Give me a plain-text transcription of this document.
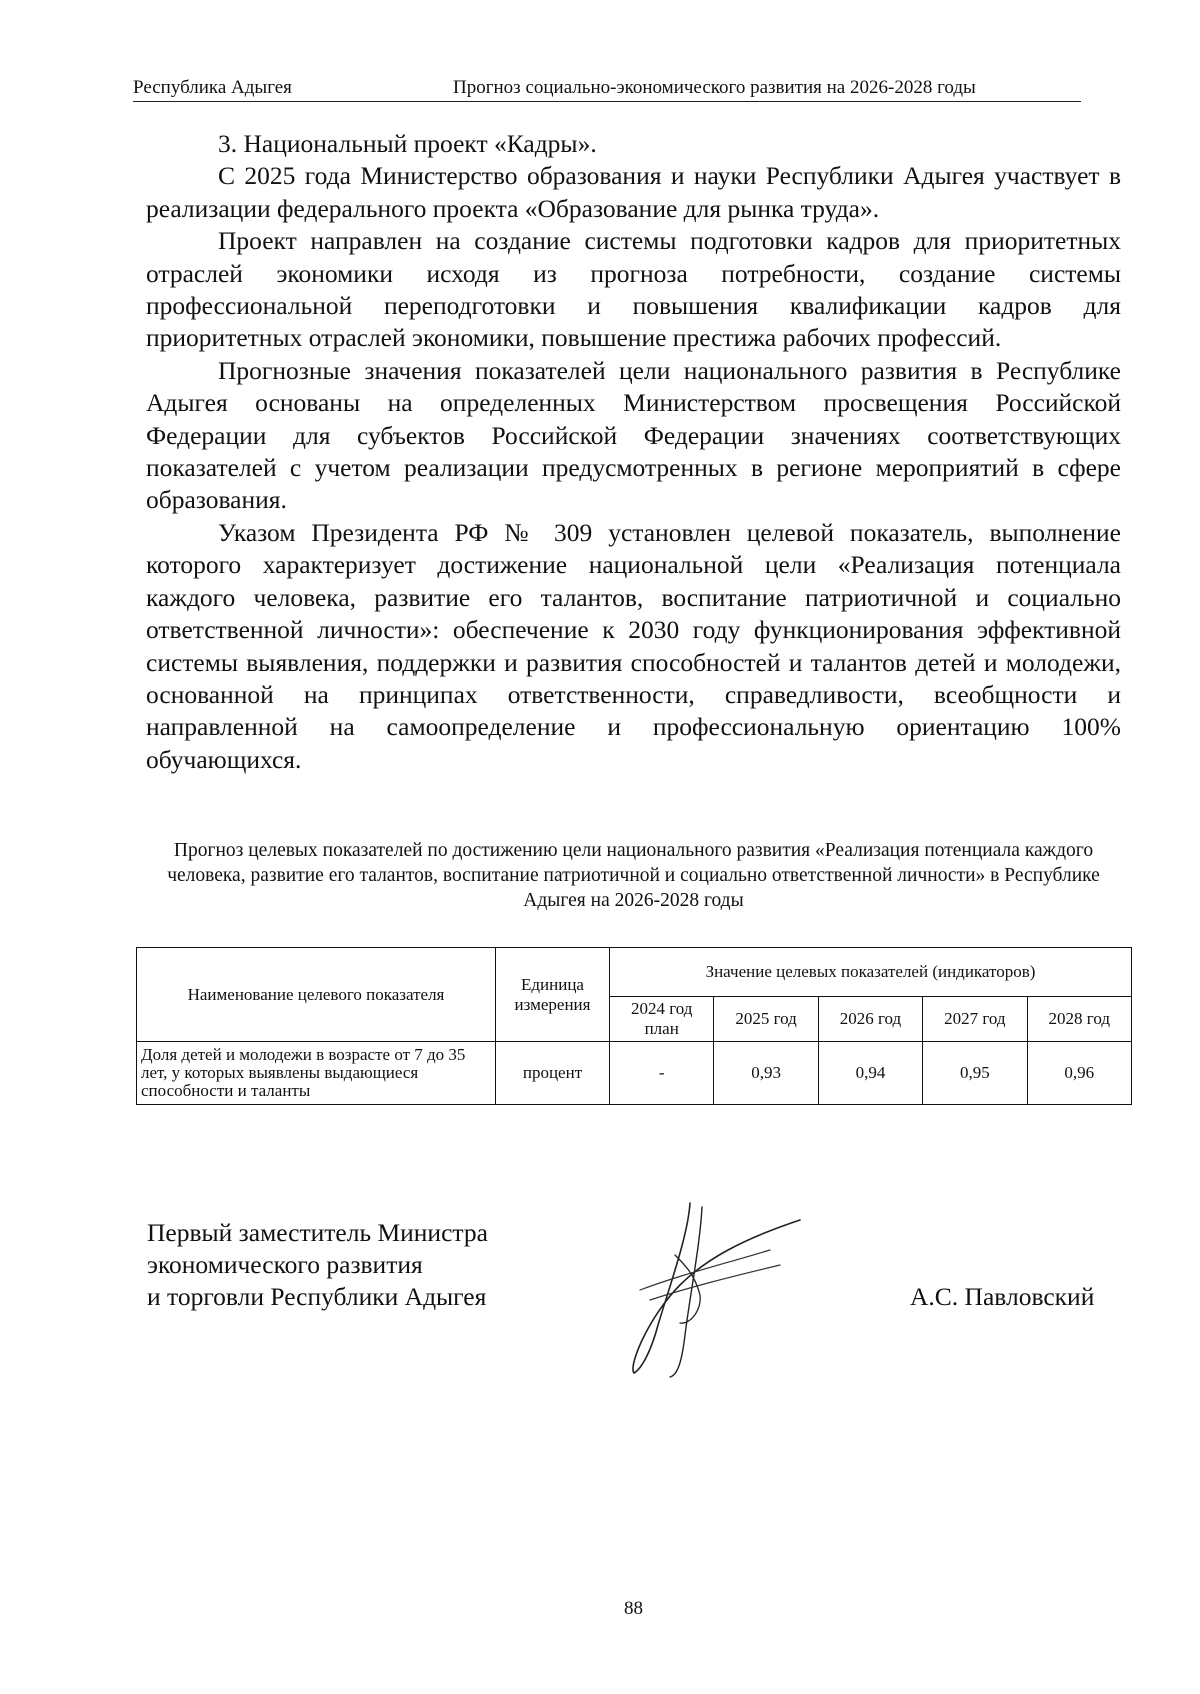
Республика Адыгея	Прогноз социально-экономического развития на 2026-2028 годы

3. Национальный проект «Кадры».

С 2025 года Министерство образования и науки Республики Адыгея участвует в реализации федерального проекта «Образование для рынка труда».

Проект направлен на создание системы подготовки кадров для приоритетных отраслей экономики исходя из прогноза потребности, создание системы профессиональной переподготовки и повышения квалификации кадров для приоритетных отраслей экономики, повышение престижа рабочих профессий.

Прогнозные значения показателей цели национального развития в Республике Адыгея основаны на определенных Министерством просвещения Российской Федерации для субъектов Российской Федерации значениях соответствующих показателей с учетом реализации предусмотренных в регионе мероприятий в сфере образования.

Указом Президента РФ № 309 установлен целевой показатель, выполнение которого характеризует достижение национальной цели «Реализация потенциала каждого человека, развитие его талантов, воспитание патриотичной и социально ответственной личности»: обеспечение к 2030 году функционирования эффективной системы выявления, поддержки и развития способностей и талантов детей и молодежи, основанной на принципах ответственности, справедливости, всеобщности и направленной на самоопределение и профессиональную ориентацию 100% обучающихся.

Прогноз целевых показателей по достижению цели национального развития «Реализация потенциала каждого человека, развитие его талантов, воспитание патриотичной и социально ответственной личности» в Республике Адыгея на 2026-2028 годы
Наименование целевого показателя	Единица измерения	Значение целевых показателей (индикаторов)				
		2024 год план	2025 год	2026 год	2027 год	2028 год
Доля детей и молодежи в возрасте от 7 до 35 лет, у которых выявлены выдающиеся способности и таланты	процент	-	0,93	0,94	0,95	0,96
Первый заместитель Министра
экономического развития
и торговли Республики Адыгея	А.С. Павловский
88
